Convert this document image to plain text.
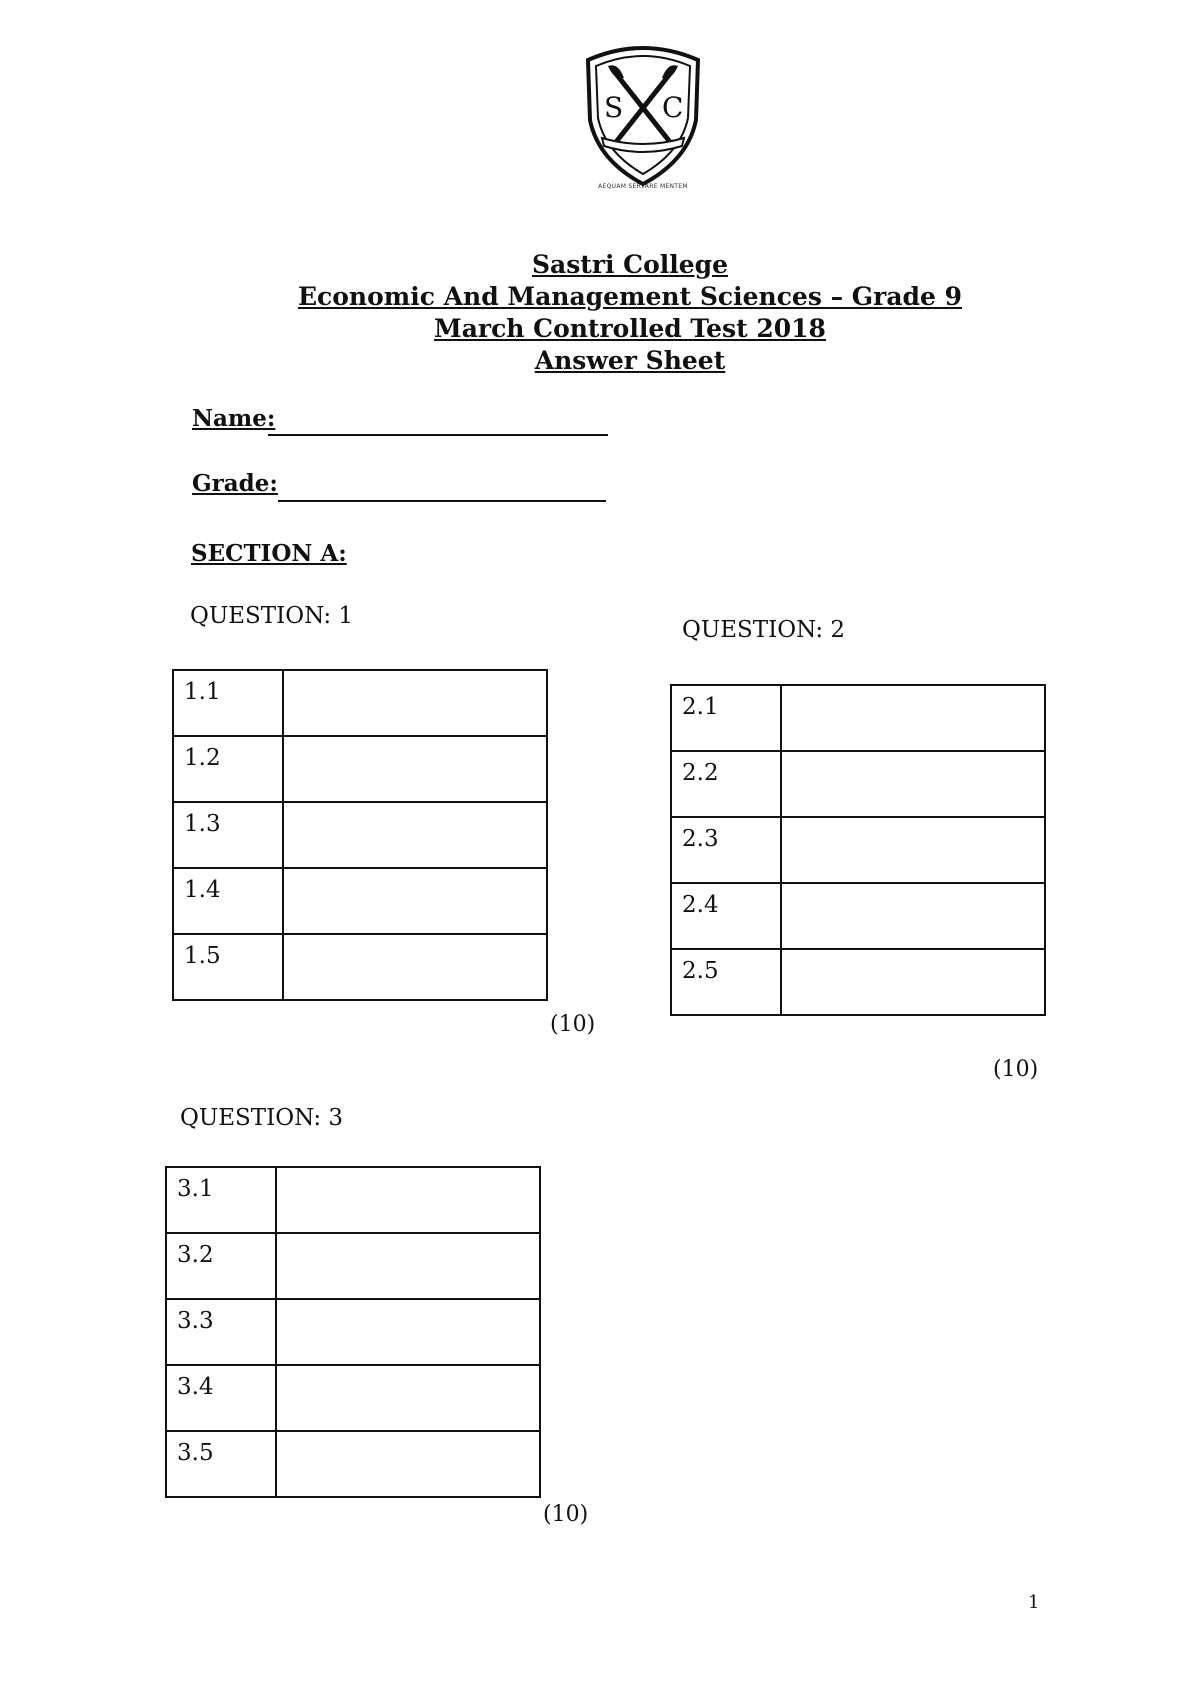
S C
AEQUAM SERVARE MENTEM
Sastri College
Economic And Management Sciences – Grade 9
March Controlled Test 2018
Answer Sheet
Name:
Grade:
SECTION A:
QUESTION: 1
1.1	
1.2	
1.3	
1.4	
1.5	
(10)
QUESTION: 2
2.1	
2.2	
2.3	
2.4	
2.5	
(10)
QUESTION: 3
3.1	
3.2	
3.3	
3.4	
3.5	
(10)
1
